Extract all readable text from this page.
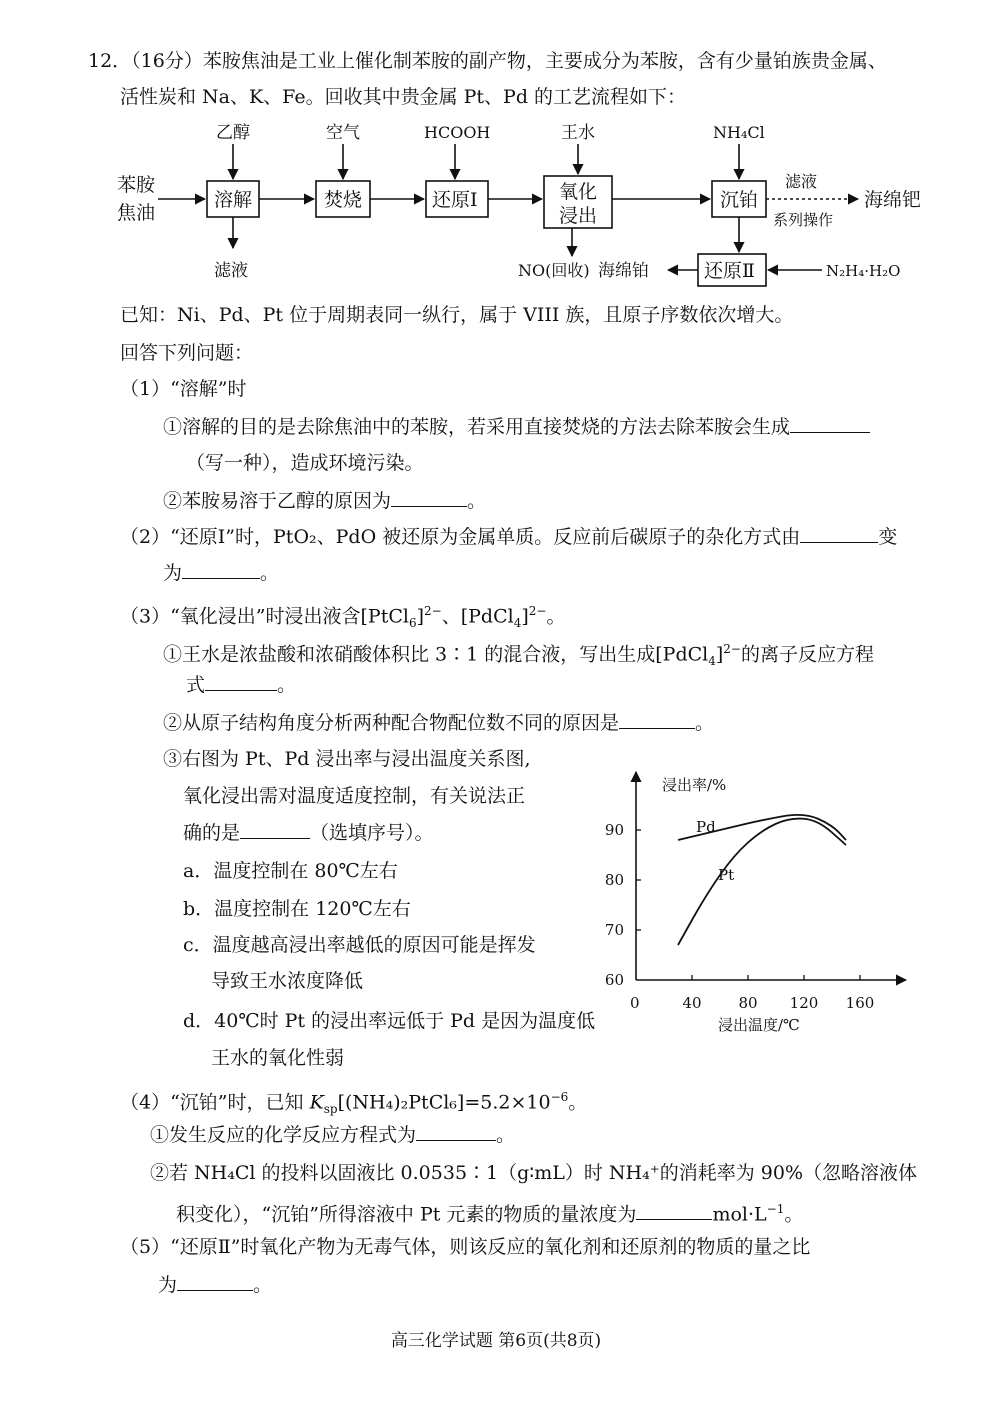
12．（16分）苯胺焦油是工业上催化制苯胺的副产物，主要成分为苯胺，含有少量铂族贵金属、
活性炭和 Na、K、Fe。回收其中贵金属 Pt、Pd 的工艺流程如下：
苯胺
焦油
乙醇	空气	HCOOH	王水	NH₄Cl
溶解	焚烧	还原Ⅰ	氧化
浸出
沉铂
还原Ⅱ
滤液
滤液
系列操作
海绵钯
NO(回收) 海绵铂	N₂H₄·H₂O
已知：Ni、Pd、Pt 位于周期表同一纵行，属于 VIII 族，且原子序数依次增大。
回答下列问题：
（1）“溶解”时
①溶解的目的是去除焦油中的苯胺，若采用直接焚烧的方法去除苯胺会生成
（写一种），造成环境污染。
②苯胺易溶于乙醇的原因为	。
（2）“还原Ⅰ”时，PtO₂、PdO 被还原为金属单质。反应前后碳原子的杂化方式由	变
为	。
（3）“氧化浸出”时浸出液含[PtCl$_6$]$^{2-}$、[PdCl$_4$]$^{2-}$。
①王水是浓盐酸和浓硝酸体积比 3∶1 的混合液，写出生成[PdCl$_4$]$^{2-}$的离子反应方程
式	。
②从原子结构角度分析两种配合物配位数不同的原因是	。
③右图为 Pt、Pd 浸出率与浸出温度关系图,
氧化浸出需对温度适度控制，有关说法正
确的是	（选填序号）。
a．温度控制在 80℃左右
b．温度控制在 120℃左右
c．温度越高浸出率越低的原因可能是挥发
导致王水浓度降低
d．40℃时 Pt 的浸出率远低于 Pd 是因为温度低
王水的氧化性弱
浸出率/%
浸出温度/℃
0	40 80 120 160
60
70
80
90	Pd
Pt
（4）“沉铂”时，已知 $K_{sp}[(NH_4)_2PtCl_6]=5.2\times 10^{-6}$。
①发生反应的化学反应方程式为	。
②若 NH₄Cl 的投料以固液比 0.0535∶1（g∶mL）时 NH₄⁺的消耗率为 90%（忽略溶液体
积变化），“沉铂”所得溶液中 Pt 元素的物质的量浓度为	$mol\cdot L^{-1}$。
（5）“还原Ⅱ”时氧化产物为无毒气体，则该反应的氧化剂和还原剂的物质的量之比
为	。
高三化学试题 第6页(共8页)
